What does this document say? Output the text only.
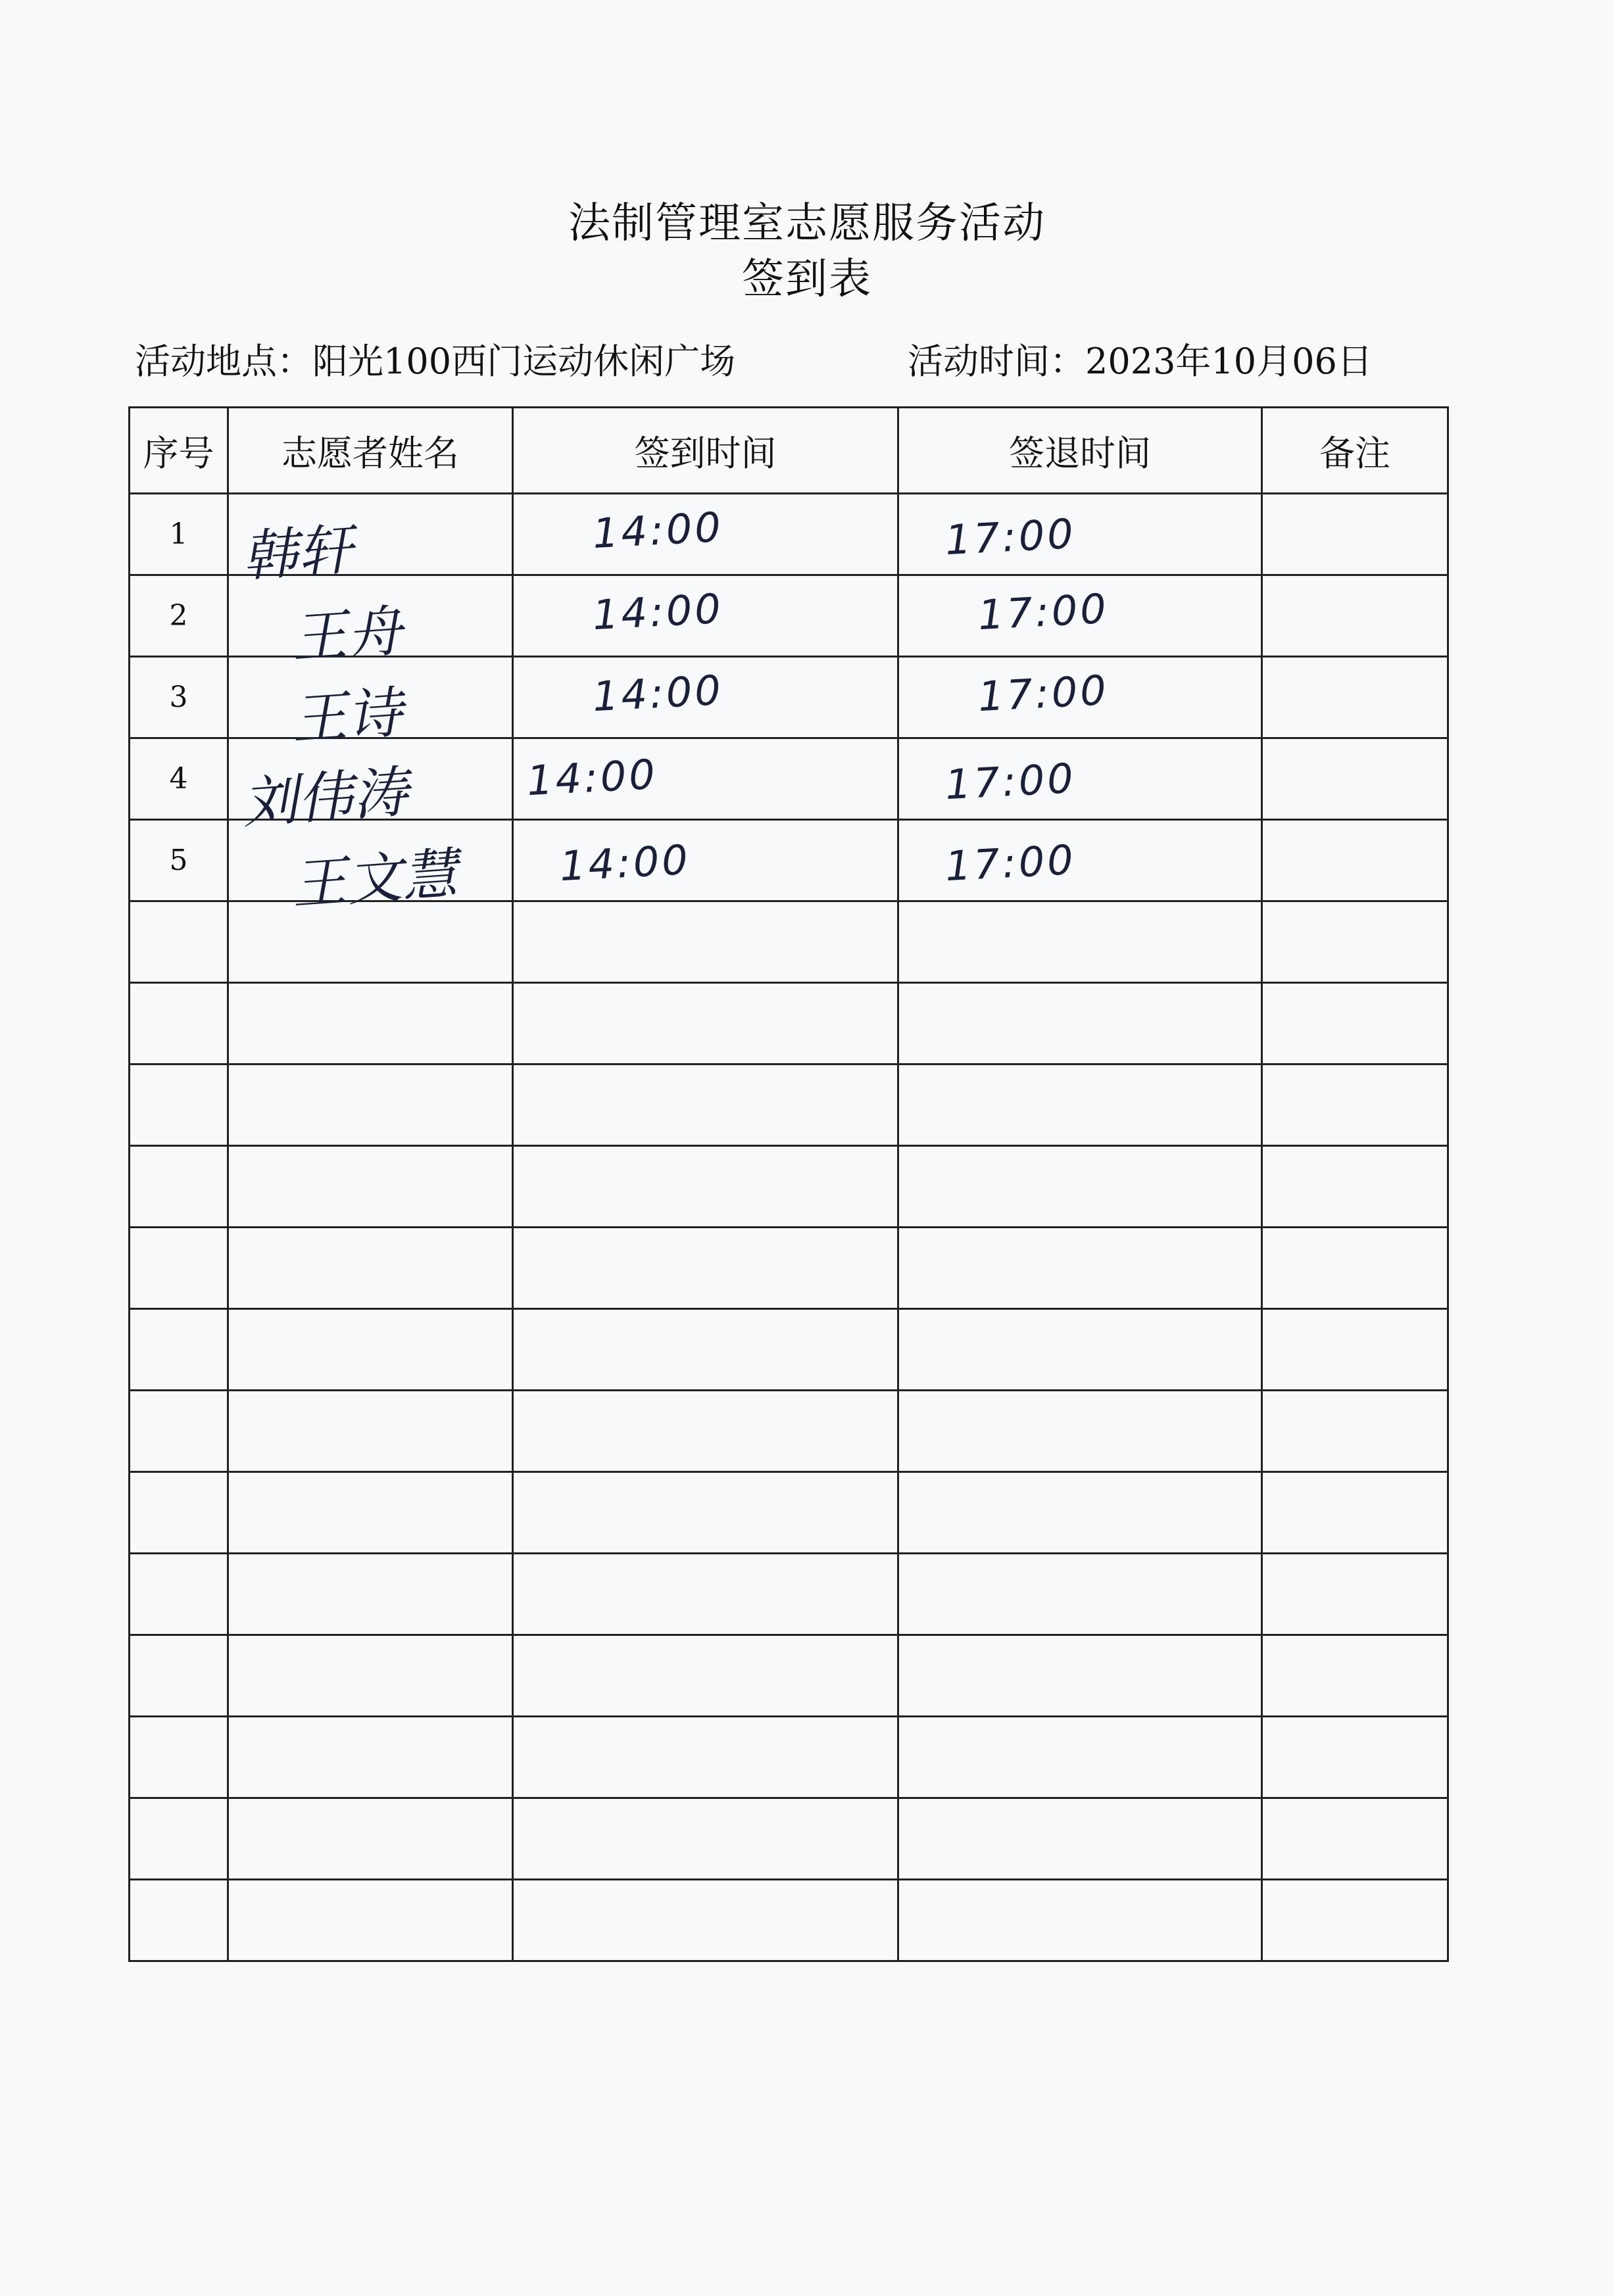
法制管理室志愿服务活动
签到表
活动地点：阳光100西门运动休闲广场	活动时间：2023年10月06日
序号	志愿者姓名	签到时间	签退时间	备注
1	韩轩	14:00	17:00	

2	王舟	14:00	17:00	

3	王诗	14:00	17:00	

4	刘伟涛	14:00	17:00	

5	王文慧	14:00	17:00	
